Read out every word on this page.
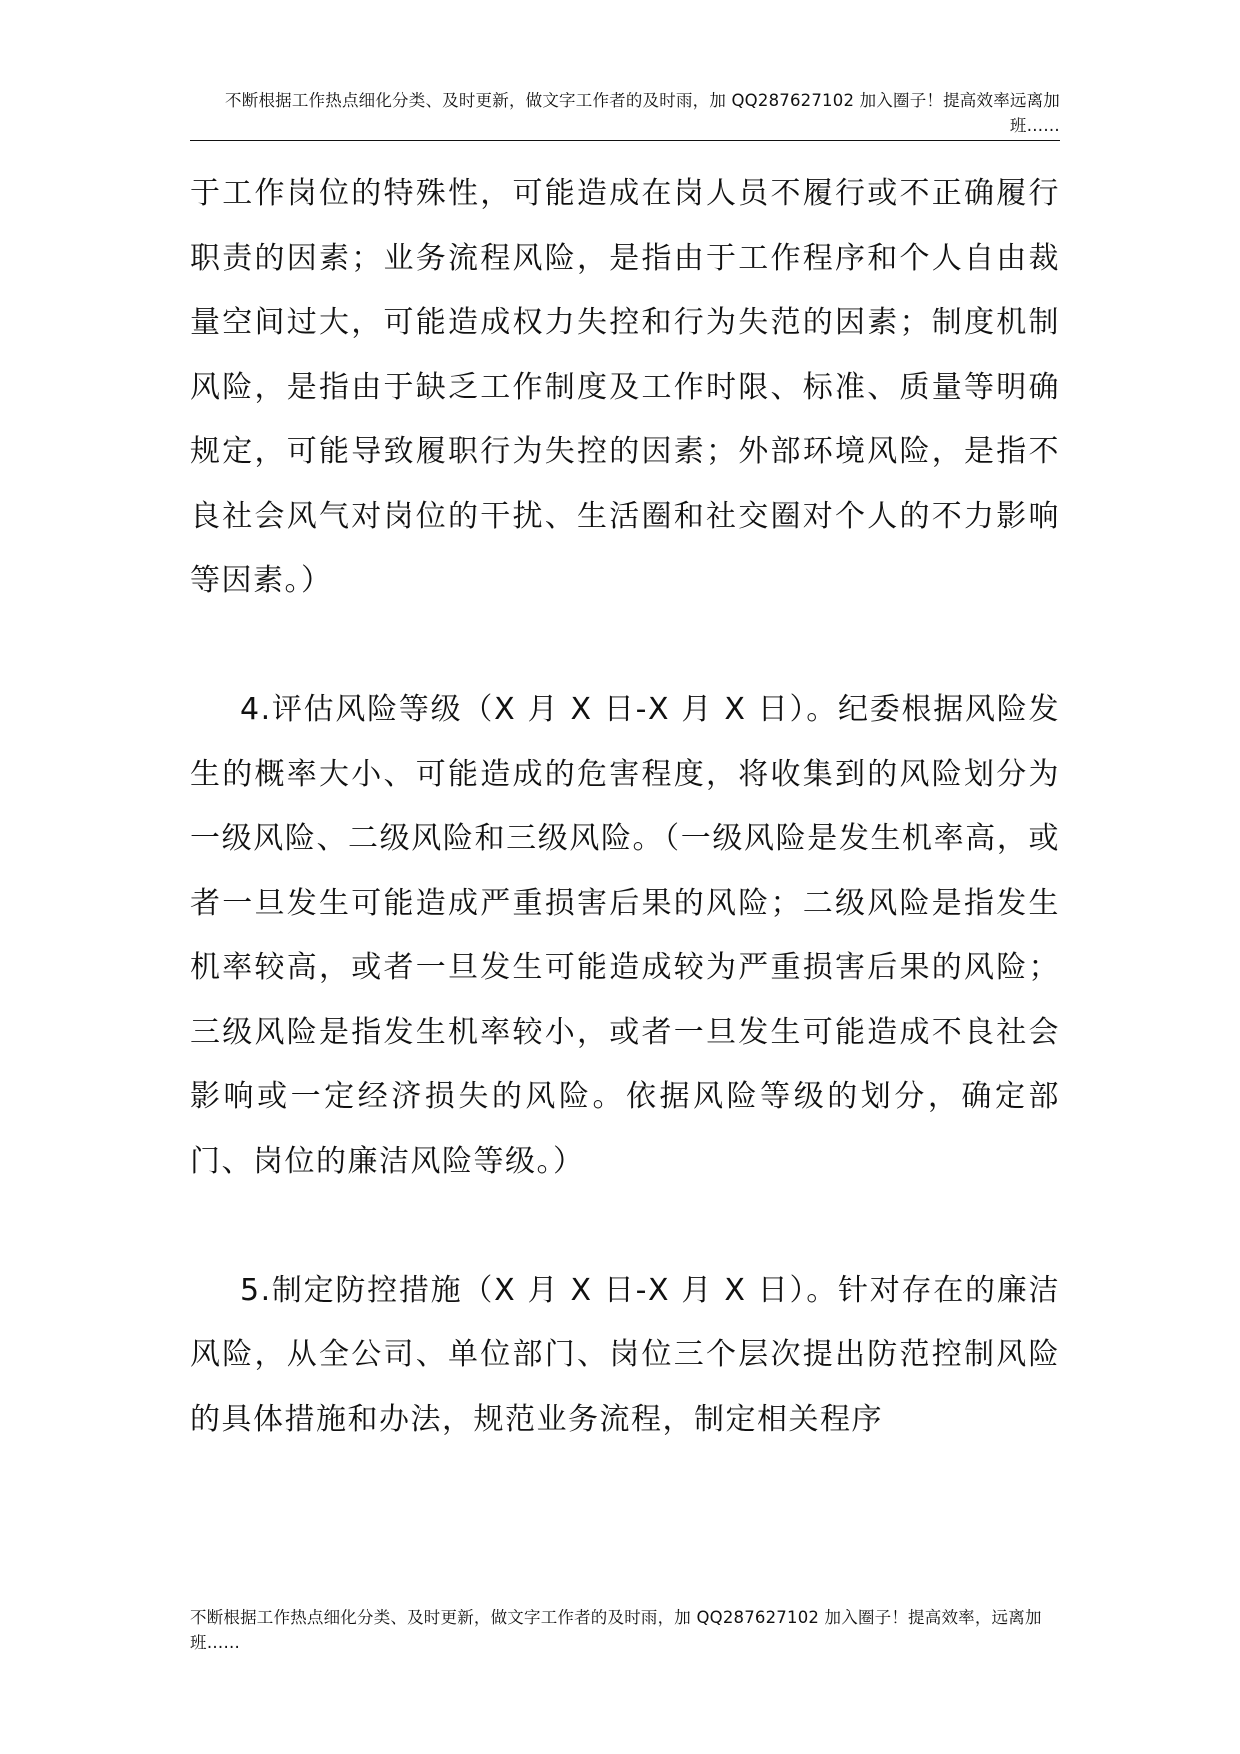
不断根据工作热点细化分类、及时更新，做文字工作者的及时雨，加 QQ287627102 加入圈子！提高效率远离加班……

于工作岗位的特殊性，可能造成在岗人员不履行或不正确履行职责的因素；业务流程风险，是指由于工作程序和个人自由裁量空间过大，可能造成权力失控和行为失范的因素；制度机制风险，是指由于缺乏工作制度及工作时限、标准、质量等明确规定，可能导致履职行为失控的因素；外部环境风险，是指不良社会风气对岗位的干扰、生活圈和社交圈对个人的不力影响等因素。）

4.评估风险等级（X 月 X 日-X 月 X 日）。纪委根据风险发生的概率大小、可能造成的危害程度，将收集到的风险划分为一级风险、二级风险和三级风险。（一级风险是发生机率高，或者一旦发生可能造成严重损害后果的风险；二级风险是指发生机率较高，或者一旦发生可能造成较为严重损害后果的风险；三级风险是指发生机率较小，或者一旦发生可能造成不良社会影响或一定经济损失的风险。依据风险等级的划分，确定部门、岗位的廉洁风险等级。）

5.制定防控措施（X 月 X 日-X 月 X 日）。针对存在的廉洁风险，从全公司、单位部门、岗位三个层次提出防范控制风险的具体措施和办法，规范业务流程，制定相关程序

不断根据工作热点细化分类、及时更新，做文字工作者的及时雨，加 QQ287627102 加入圈子！提高效率，远离加班……
